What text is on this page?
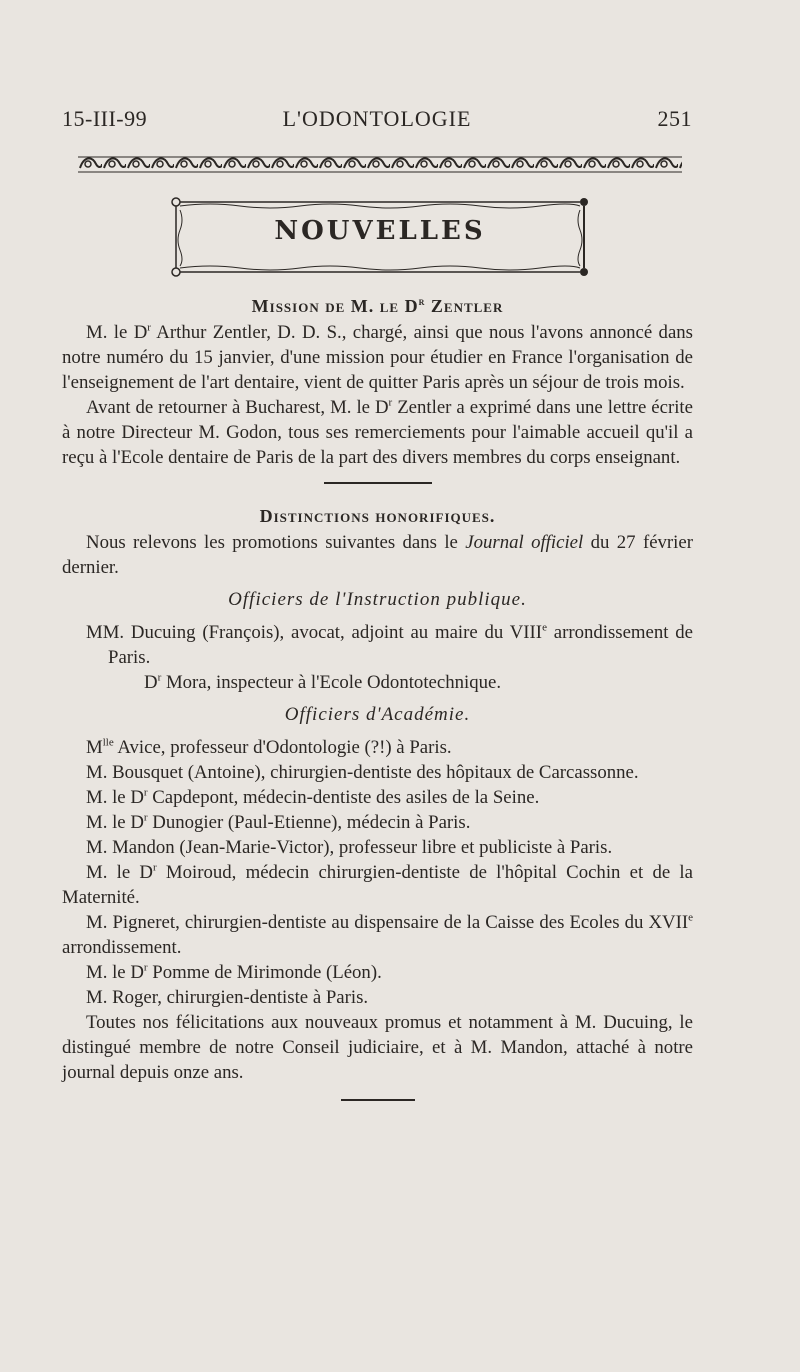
15-III-99	L'ODONTOLOGIE	251
NOUVELLES
Mission de M. le $D^r$ Zentler

M. le $D^r$ Arthur Zentler, D. D. S., chargé, ainsi que nous l'avons annoncé dans notre numéro du 15 janvier, d'une mission pour étudier en France l'organisation de l'enseignement de l'art dentaire, vient de quitter Paris après un séjour de trois mois.

Avant de retourner à Bucharest, M. le $D^r$ Zentler a exprimé dans une lettre écrite à notre Directeur M. Godon, tous ses remerciements pour l'aimable accueil qu'il a reçu à l'Ecole dentaire de Paris de la part des divers membres du corps enseignant.

Distinctions honorifiques.

Nous relevons les promotions suivantes dans le Journal officiel du 27 février dernier.

Officiers de l'Instruction publique.

MM. Ducuing (François), avocat, adjoint au maire du VIIIe arrondissement de Paris.

$D^r$ Mora, inspecteur à l'Ecole Odontotechnique.

Officiers d'Académie.

$M^{lle}$ Avice, professeur d'Odontologie (?!) à Paris.

M. Bousquet (Antoine), chirurgien-dentiste des hôpitaux de Carcassonne.

M. le $D^r$ Capdepont, médecin-dentiste des asiles de la Seine.

M. le $D^r$ Dunogier (Paul-Etienne), médecin à Paris.

M. Mandon (Jean-Marie-Victor), professeur libre et publiciste à Paris.

M. le $D^r$ Moiroud, médecin chirurgien-dentiste de l'hôpital Cochin et de la Maternité.

M. Pigneret, chirurgien-dentiste au dispensaire de la Caisse des Ecoles du XVIIe arrondissement.

M. le $D^r$ Pomme de Mirimonde (Léon).

M. Roger, chirurgien-dentiste à Paris.

Toutes nos félicitations aux nouveaux promus et notamment à M. Ducuing, le distingué membre de notre Conseil judiciaire, et à M. Mandon, attaché à notre journal depuis onze ans.
